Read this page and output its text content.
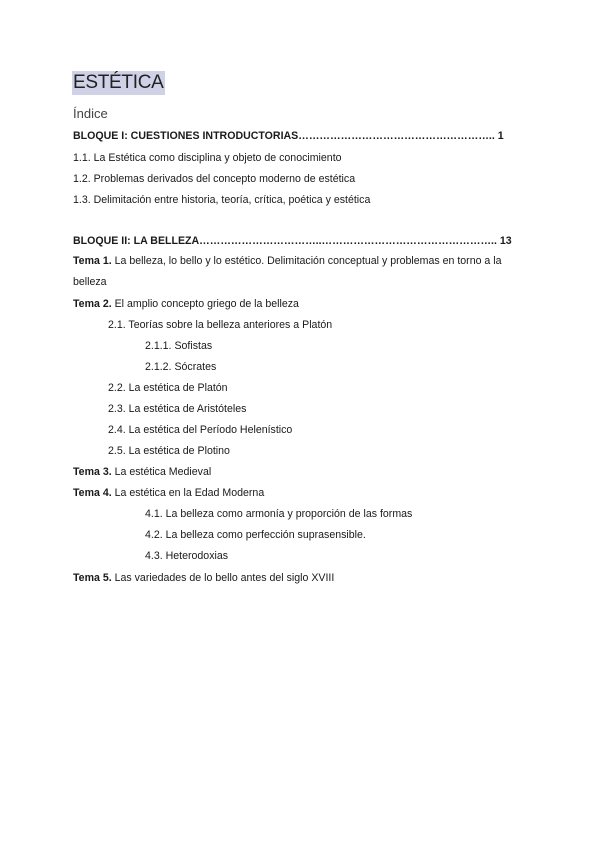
ESTÉTICA
Índice
BLOQUE I: CUESTIONES INTRODUCTORIAS……………………………………………….. 1
1.1. La Estética como disciplina y objeto de conocimiento
1.2. Problemas derivados del concepto moderno de estética
1.3. Delimitación entre historia, teoría, crítica, poética y estética
BLOQUE II: LA BELLEZA……………………………..………………………………………….. 13
Tema 1. La belleza, lo bello y lo estético. Delimitación conceptual y problemas en torno a la belleza
Tema 2. El amplio concepto griego de la belleza
2.1. Teorías sobre la belleza anteriores a Platón
2.1.1. Sofistas
2.1.2. Sócrates
2.2. La estética de Platón
2.3. La estética de Aristóteles
2.4. La estética del Período Helenístico
2.5. La estética de Plotino
Tema 3. La estética Medieval
Tema 4. La estética en la Edad Moderna
4.1. La belleza como armonía y proporción de las formas
4.2. La belleza como perfección suprasensible.
4.3. Heterodoxias
Tema 5. Las variedades de lo bello antes del siglo XVIII
